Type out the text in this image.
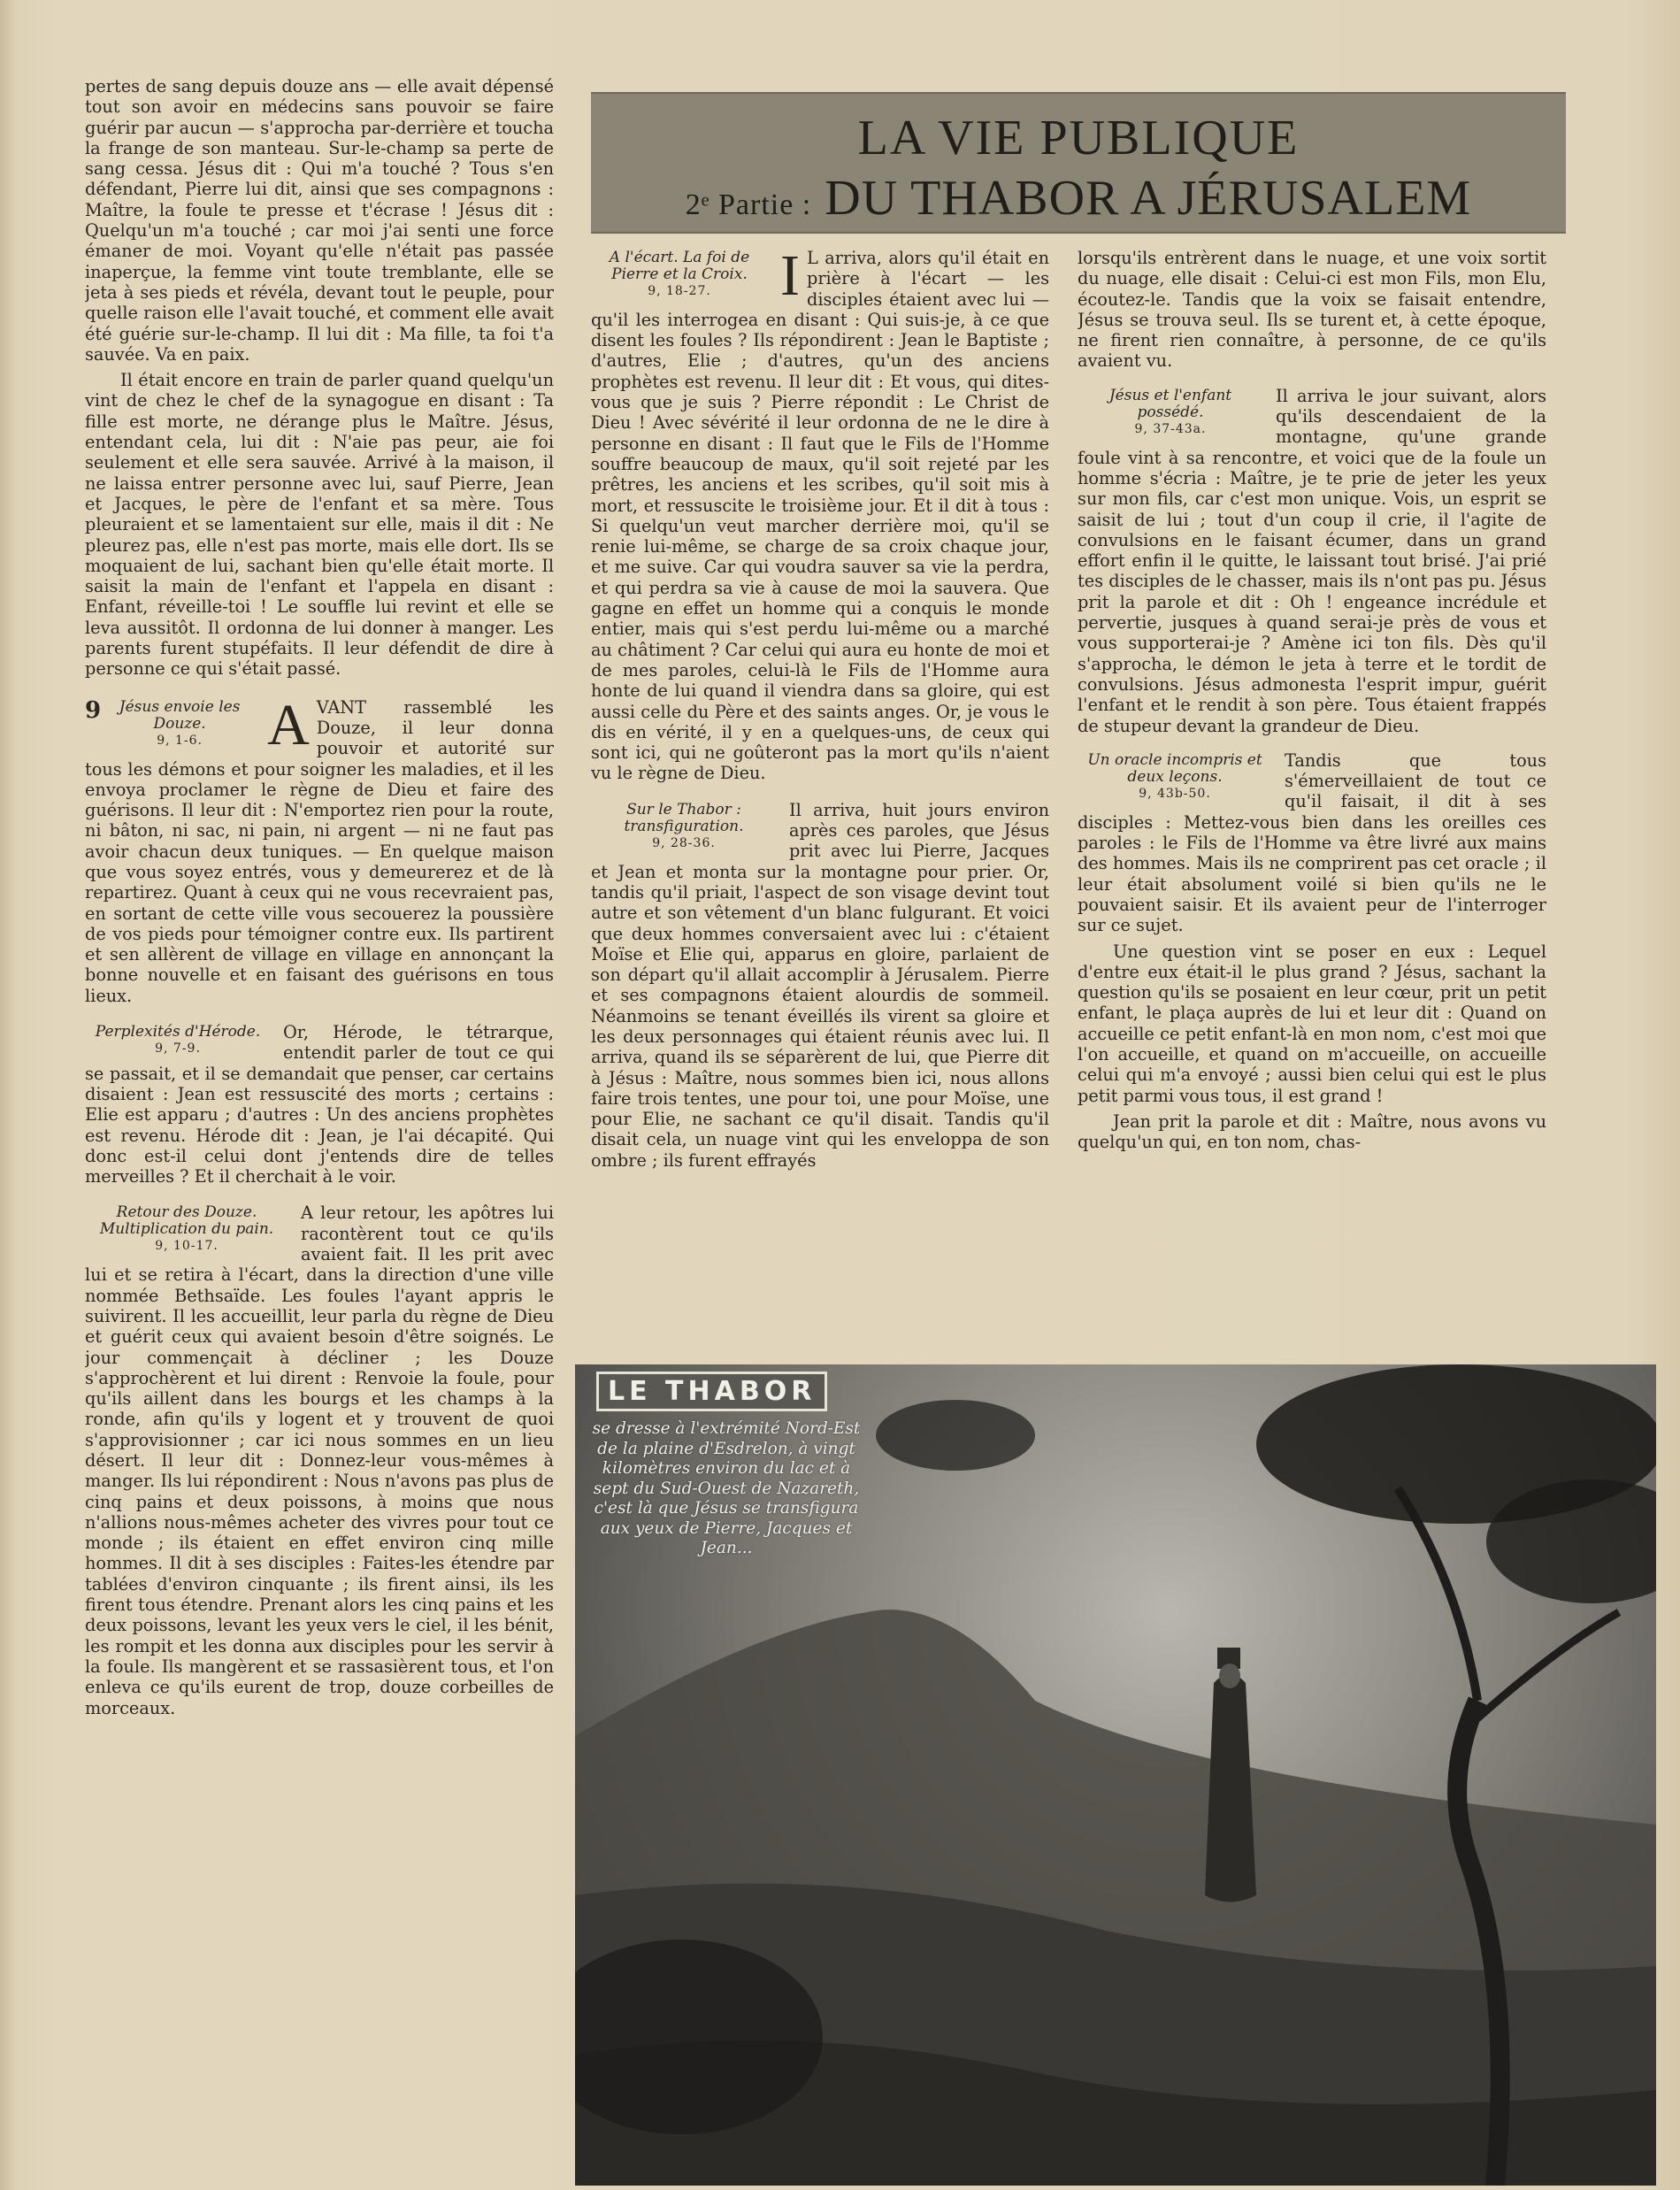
pertes de sang depuis douze ans — elle avait dépensé tout son avoir en médecins sans pouvoir se faire guérir par aucun — s'approcha par-derrière et toucha la frange de son manteau. Sur-le-champ sa perte de sang cessa. Jésus dit : Qui m'a touché ? Tous s'en défendant, Pierre lui dit, ainsi que ses compagnons : Maître, la foule te presse et t'écrase ! Jésus dit : Quelqu'un m'a touché ; car moi j'ai senti une force émaner de moi. Voyant qu'elle n'était pas passée inaperçue, la femme vint toute tremblante, elle se jeta à ses pieds et révéla, devant tout le peuple, pour quelle raison elle l'avait touché, et comment elle avait été guérie sur-le-champ. Il lui dit : Ma fille, ta foi t'a sauvée. Va en paix.

Il était encore en train de parler quand quelqu'un vint de chez le chef de la synagogue en disant : Ta fille est morte, ne dérange plus le Maître. Jésus, entendant cela, lui dit : N'aie pas peur, aie foi seulement et elle sera sauvée. Arrivé à la maison, il ne laissa entrer personne avec lui, sauf Pierre, Jean et Jacques, le père de l'enfant et sa mère. Tous pleuraient et se lamentaient sur elle, mais il dit : Ne pleurez pas, elle n'est pas morte, mais elle dort. Ils se moquaient de lui, sachant bien qu'elle était morte. Il saisit la main de l'enfant et l'appela en disant : Enfant, réveille-toi ! Le souffle lui revint et elle se leva aussitôt. Il ordonna de lui donner à manger. Les parents furent stupéfaits. Il leur défendit de dire à personne ce qui s'était passé.

9	Jésus envoie les Douze.
9, 1-6.	A VANT rassemblé les Douze, il leur donna pouvoir et autorité sur tous les démons et pour soigner les maladies, et il les envoya proclamer le règne de Dieu et faire des guérisons. Il leur dit : N'emportez rien pour la route, ni bâton, ni sac, ni pain, ni argent — ni ne faut pas avoir chacun deux tuniques. — En quelque maison que vous soyez entrés, vous y demeurerez et de là repartirez. Quant à ceux qui ne vous recevraient pas, en sortant de cette ville vous secouerez la poussière de vos pieds pour témoigner contre eux. Ils partirent et sen allèrent de village en village en annonçant la bonne nouvelle et en faisant des guérisons en tous lieux.

Perplexités d'Hérode.
9, 7-9.
Or, Hérode, le tétrarque, entendit parler de tout ce qui se passait, et il se demandait que penser, car certains disaient : Jean est ressuscité des morts ; certains : Elie est apparu ; d'autres : Un des anciens prophètes est revenu. Hérode dit : Jean, je l'ai décapité. Qui donc est-il celui dont j'entends dire de telles merveilles ? Et il cherchait à le voir.

Retour des Douze. Multiplication du pain.
9, 10-17.
A leur retour, les apôtres lui racontèrent tout ce qu'ils avaient fait. Il les prit avec lui et se retira à l'écart, dans la direction d'une ville nommée Bethsaïde. Les foules l'ayant appris le suivirent. Il les accueillit, leur parla du règne de Dieu et guérit ceux qui avaient besoin d'être soignés. Le jour commençait à décliner ; les Douze s'approchèrent et lui dirent : Renvoie la foule, pour qu'ils aillent dans les bourgs et les champs à la ronde, afin qu'ils y logent et y trouvent de quoi s'approvisionner ; car ici nous sommes en un lieu désert. Il leur dit : Donnez-leur vous-mêmes à manger. Ils lui répondirent : Nous n'avons pas plus de cinq pains et deux poissons, à moins que nous n'allions nous-mêmes acheter des vivres pour tout ce monde ; ils étaient en effet environ cinq mille hommes. Il dit à ses disciples : Faites-les étendre par tablées d'environ cinquante ; ils firent ainsi, ils les firent tous étendre. Prenant alors les cinq pains et les deux poissons, levant les yeux vers le ciel, il les bénit, les rompit et les donna aux disciples pour les servir à la foule. Ils mangèrent et se rassasièrent tous, et l'on enleva ce qu'ils eurent de trop, douze corbeilles de morceaux.

LA VIE PUBLIQUE
2ᵉ Partie : DU THABOR A JÉRUSALEM

A l'écart. La foi de Pierre et la Croix.
9, 18-27.	I L arriva, alors qu'il était en prière à l'écart — les disciples étaient avec lui — qu'il les interrogea en disant : Qui suis-je, à ce que disent les foules ? Ils répondirent : Jean le Baptiste ; d'autres, Elie ; d'autres, qu'un des anciens prophètes est revenu. Il leur dit : Et vous, qui dites-vous que je suis ? Pierre répondit : Le Christ de Dieu ! Avec sévérité il leur ordonna de ne le dire à personne en disant : Il faut que le Fils de l'Homme souffre beaucoup de maux, qu'il soit rejeté par les prêtres, les anciens et les scribes, qu'il soit mis à mort, et ressuscite le troisième jour. Et il dit à tous : Si quelqu'un veut marcher derrière moi, qu'il se renie lui-même, se charge de sa croix chaque jour, et me suive. Car qui voudra sauver sa vie la perdra, et qui perdra sa vie à cause de moi la sauvera. Que gagne en effet un homme qui a conquis le monde entier, mais qui s'est perdu lui-même ou a marché au châtiment ? Car celui qui aura eu honte de moi et de mes paroles, celui-là le Fils de l'Homme aura honte de lui quand il viendra dans sa gloire, qui est aussi celle du Père et des saints anges. Or, je vous le dis en vérité, il y en a quelques-uns, de ceux qui sont ici, qui ne goûteront pas la mort qu'ils n'aient vu le règne de Dieu.

Sur le Thabor : transfiguration.
9, 28-36.
Il arriva, huit jours environ après ces paroles, que Jésus prit avec lui Pierre, Jacques et Jean et monta sur la montagne pour prier. Or, tandis qu'il priait, l'aspect de son visage devint tout autre et son vêtement d'un blanc fulgurant. Et voici que deux hommes conversaient avec lui : c'étaient Moïse et Elie qui, apparus en gloire, parlaient de son départ qu'il allait accomplir à Jérusalem. Pierre et ses compagnons étaient alourdis de sommeil. Néanmoins se tenant éveillés ils virent sa gloire et les deux personnages qui étaient réunis avec lui. Il arriva, quand ils se séparèrent de lui, que Pierre dit à Jésus : Maître, nous sommes bien ici, nous allons faire trois tentes, une pour toi, une pour Moïse, une pour Elie, ne sachant ce qu'il disait. Tandis qu'il disait cela, un nuage vint qui les enveloppa de son ombre ; ils furent effrayés

lorsqu'ils entrèrent dans le nuage, et une voix sortit du nuage, elle disait : Celui-ci est mon Fils, mon Elu, écoutez-le. Tandis que la voix se faisait entendre, Jésus se trouva seul. Ils se turent et, à cette époque, ne firent rien connaître, à personne, de ce qu'ils avaient vu.

Jésus et l'enfant possédé.
9, 37-43a.
Il arriva le jour suivant, alors qu'ils descendaient de la montagne, qu'une grande foule vint à sa rencontre, et voici que de la foule un homme s'écria : Maître, je te prie de jeter les yeux sur mon fils, car c'est mon unique. Vois, un esprit se saisit de lui ; tout d'un coup il crie, il l'agite de convulsions en le faisant écumer, dans un grand effort enfin il le quitte, le laissant tout brisé. J'ai prié tes disciples de le chasser, mais ils n'ont pas pu. Jésus prit la parole et dit : Oh ! engeance incrédule et pervertie, jusques à quand serai-je près de vous et vous supporterai-je ? Amène ici ton fils. Dès qu'il s'approcha, le démon le jeta à terre et le tordit de convulsions. Jésus admonesta l'esprit impur, guérit l'enfant et le rendit à son père. Tous étaient frappés de stupeur devant la grandeur de Dieu.

Un oracle incompris et deux leçons.
9, 43b-50.
Tandis que tous s'émerveillaient de tout ce qu'il faisait, il dit à ses disciples : Mettez-vous bien dans les oreilles ces paroles : le Fils de l'Homme va être livré aux mains des hommes. Mais ils ne comprirent pas cet oracle ; il leur était absolument voilé si bien qu'ils ne le pouvaient saisir. Et ils avaient peur de l'interroger sur ce sujet.

Une question vint se poser en eux : Lequel d'entre eux était-il le plus grand ? Jésus, sachant la question qu'ils se posaient en leur cœur, prit un petit enfant, le plaça auprès de lui et leur dit : Quand on accueille ce petit enfant-là en mon nom, c'est moi que l'on accueille, et quand on m'accueille, on accueille celui qui m'a envoyé ; aussi bien celui qui est le plus petit parmi vous tous, il est grand !

Jean prit la parole et dit : Maître, nous avons vu quelqu'un qui, en ton nom, chas-

LE THABOR
se dresse à l'extrémité Nord-Est de la plaine d'Esdrelon, à vingt kilomètres environ du lac et à sept du Sud-Ouest de Nazareth, c'est là que Jésus se transfigura aux yeux de Pierre, Jacques et Jean...
